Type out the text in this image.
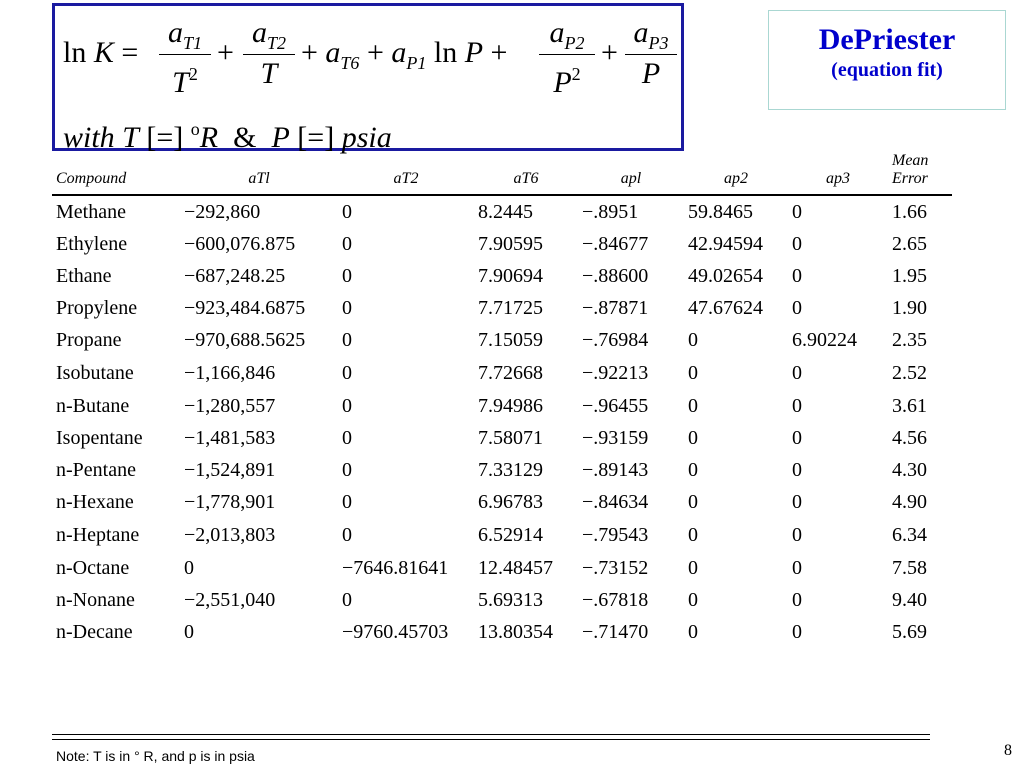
ln K =
$a_{T1}$
$T^2$
+
$a_{T2}$
T
+ $a_{T6} + a_{P1}$ ln P +
$a_{P2}$
$P^2$
+
$a_{P3}$
P
with T [=] $^o$R  &  P [=] psia
DePriester
(equation fit)
Compound	aTl	aT2	aT6	apl	ap2	ap3	Mean Error
Methane	−292,860	0	8.2445	−.8951	59.8465	0	1.66
Ethylene	−600,076.875	0	7.90595	−.84677	42.94594	0	2.65
Ethane	−687,248.25	0	7.90694	−.88600	49.02654	0	1.95
Propylene	−923,484.6875	0	7.71725	−.87871	47.67624	0	1.90
Propane	−970,688.5625	0	7.15059	−.76984	0	6.90224	2.35

Isobutane	−1,166,846	0	7.72668	−.92213	0	0	2.52
n-Butane	−1,280,557	0	7.94986	−.96455	0	0	3.61
Isopentane	−1,481,583	0	7.58071	−.93159	0	0	4.56
n-Pentane	−1,524,891	0	7.33129	−.89143	0	0	4.30
n-Hexane	−1,778,901	0	6.96783	−.84634	0	0	4.90

n-Heptane	−2,013,803	0	6.52914	−.79543	0	0	6.34
n-Octane	0	−7646.81641	12.48457	−.73152	0	0	7.58
n-Nonane	−2,551,040	0	5.69313	−.67818	0	0	9.40
n-Decane	0	−9760.45703	13.80354	−.71470	0	0	5.69
Note: T is in ° R, and p is in psia	8
